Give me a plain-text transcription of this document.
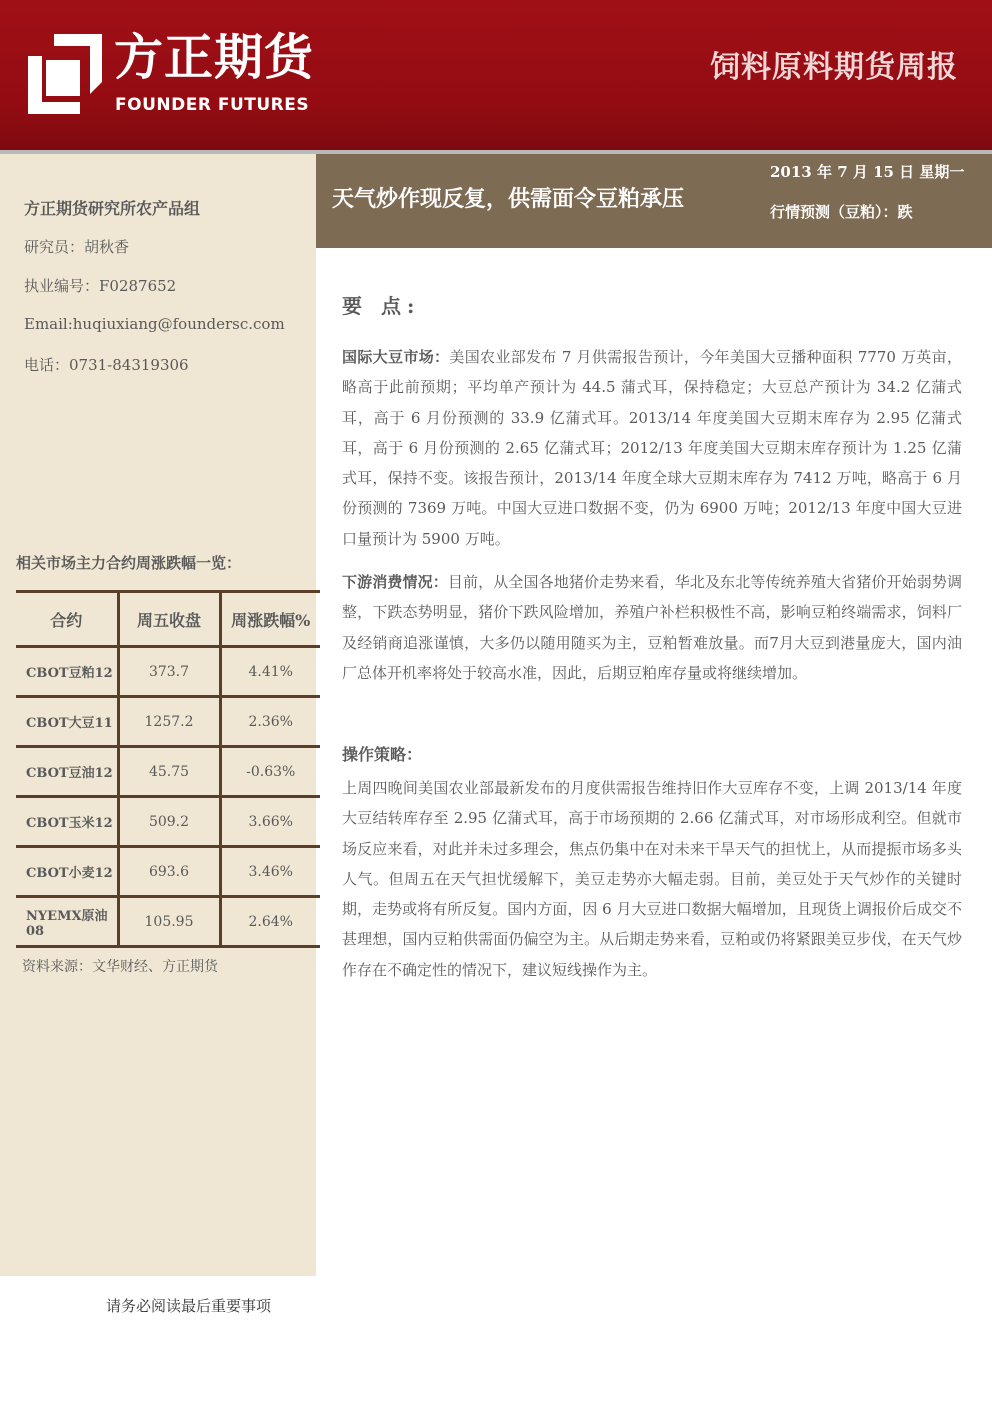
方正期货
FOUNDER FUTURES
饲料原料期货周报
方正期货研究所农产品组
研究员：胡秋香
执业编号：F0287652
Email:huqiuxiang@foundersc.com
电话：0731-84319306
相关市场主力合约周涨跌幅一览：
合约	周五收盘	周涨跌幅%
CBOT豆粕12	373.7	4.41%
CBOT大豆11	1257.2	2.36%
CBOT豆油12	45.75	-0.63%
CBOT玉米12	509.2	3.66%
CBOT小麦12	693.6	3.46%
NYEMX原油08	105.95	2.64%
资料来源：文华财经、方正期货
请务必阅读最后重要事项
天气炒作现反复，供需面令豆粕承压
2013 年 7 月 15 日 星期一
行情预测（豆粕）：跌
要 点:
国际大豆市场：美国农业部发布 7 月供需报告预计，今年美国大豆播种面积 7770 万英亩，略高于此前预期；平均单产预计为 44.5 蒲式耳，保持稳定；大豆总产预计为 34.2 亿蒲式耳，高于 6 月份预测的 33.9 亿蒲式耳。2013/14 年度美国大豆期末库存为 2.95 亿蒲式耳，高于 6 月份预测的 2.65 亿蒲式耳；2012/13 年度美国大豆期末库存预计为 1.25 亿蒲式耳，保持不变。该报告预计，2013/14 年度全球大豆期末库存为 7412 万吨，略高于 6 月份预测的 7369 万吨。中国大豆进口数据不变，仍为 6900 万吨；2012/13 年度中国大豆进口量预计为 5900 万吨。
下游消费情况：目前，从全国各地猪价走势来看，华北及东北等传统养殖大省猪价开始弱势调整，下跌态势明显，猪价下跌风险增加，养殖户补栏积极性不高，影响豆粕终端需求，饲料厂及经销商追涨谨慎，大多仍以随用随买为主，豆粕暂难放量。而7月大豆到港量庞大，国内油厂总体开机率将处于较高水准，因此，后期豆粕库存量或将继续增加。
操作策略：
上周四晚间美国农业部最新发布的月度供需报告维持旧作大豆库存不变，上调 2013/14 年度大豆结转库存至 2.95 亿蒲式耳，高于市场预期的 2.66 亿蒲式耳，对市场形成利空。但就市场反应来看，对此并未过多理会，焦点仍集中在对未来干旱天气的担忧上，从而提振市场多头人气。但周五在天气担忧缓解下，美豆走势亦大幅走弱。目前，美豆处于天气炒作的关键时期，走势或将有所反复。国内方面，因 6 月大豆进口数据大幅增加，且现货上调报价后成交不甚理想，国内豆粕供需面仍偏空为主。从后期走势来看，豆粕或仍将紧跟美豆步伐，在天气炒作存在不确定性的情况下，建议短线操作为主。
